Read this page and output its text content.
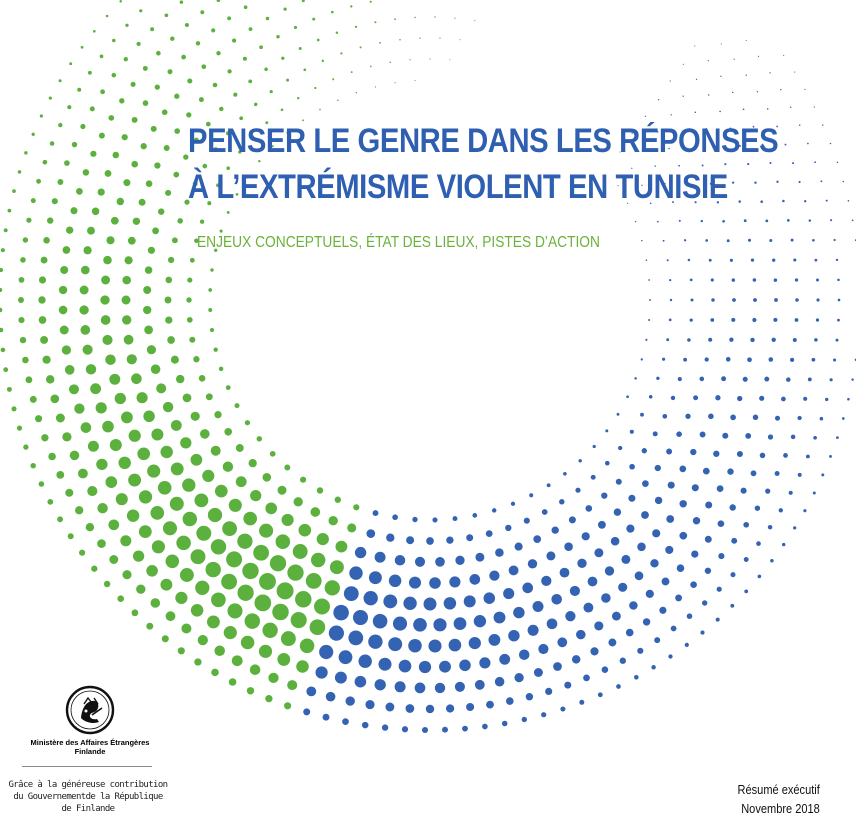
PENSER LE GENRE DANS LES RÉPONSES
À L’EXTRÉMISME VIOLENT EN TUNISIE

ENJEUX CONCEPTUELS, ÉTAT DES LIEUX, PISTES D’ACTION

Ministère des Affaires Étrangères
Finlande
Grâce à la généreuse contribution
du Gouvernementde la République
de Finlande
Résumé exécutif
Novembre 2018
